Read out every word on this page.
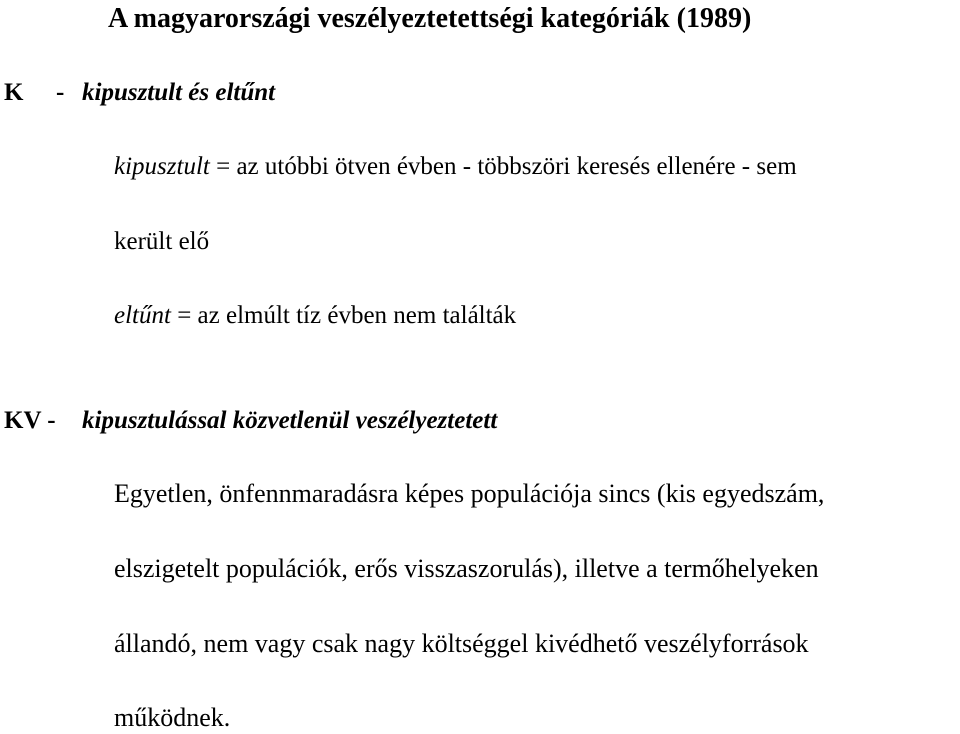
A magyarországi veszélyeztetettségi kategóriák (1989)
K - kipusztult és eltűnt
kipusztult = az utóbbi ötven évben - többszöri keresés ellenére - sem
került elő
eltűnt = az elmúlt tíz évben nem találták
KV - kipusztulással közvetlenül veszélyeztetett
Egyetlen, önfennmaradásra képes populációja sincs (kis egyedszám,
elszigetelt populációk, erős visszaszorulás), illetve a termőhelyeken
állandó, nem vagy csak nagy költséggel kivédhető veszélyforrások
működnek.
